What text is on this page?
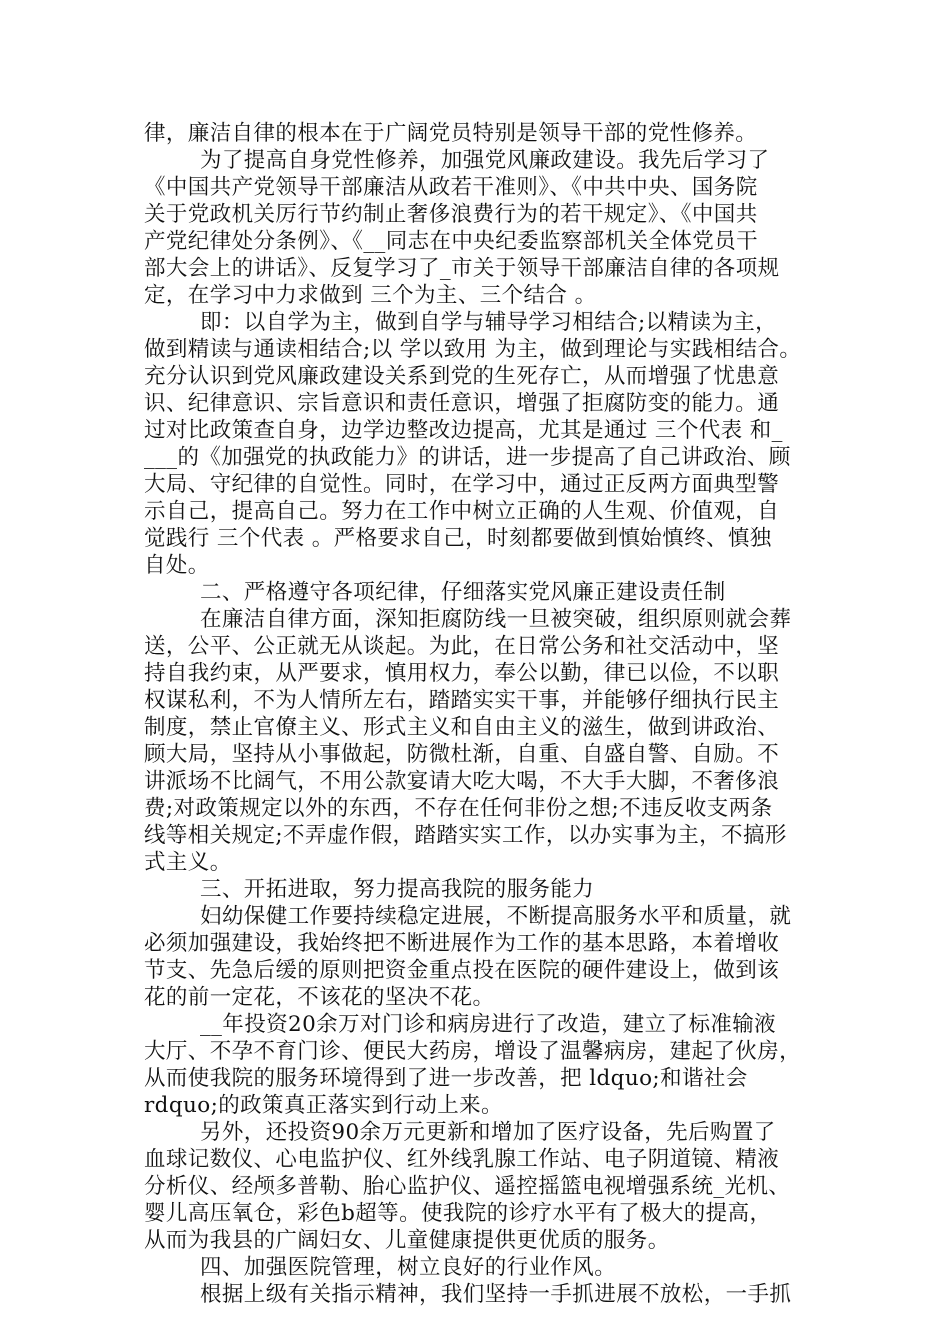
律，廉洁自律的根本在于广阔党员特别是领导干部的党性修养。
为了提高自身党性修养，加强党风廉政建设。我先后学习了
《中国共产党领导干部廉洁从政若干准则》、《中共中央、国务院
关于党政机关厉行节约制止奢侈浪费行为的若干规定》、《中国共
产党纪律处分条例》、《__同志在中央纪委监察部机关全体党员干
部大会上的讲话》、反复学习了_市关于领导干部廉洁自律的各项规
定，在学习中力求做到 三个为主、三个结合 。
即：以自学为主，做到自学与辅导学习相结合;以精读为主，
做到精读与通读相结合;以 学以致用 为主，做到理论与实践相结合。
充分认识到党风廉政建设关系到党的生死存亡，从而增强了忧患意
识、纪律意识、宗旨意识和责任意识，增强了拒腐防变的能力。通
过对比政策查自身，边学边整改边提高，尤其是通过 三个代表 和_
___的《加强党的执政能力》的讲话，进一步提高了自己讲政治、顾
大局、守纪律的自觉性。同时，在学习中，通过正反两方面典型警
示自己，提高自己。努力在工作中树立正确的人生观、价值观，自
觉践行 三个代表 。严格要求自己，时刻都要做到慎始慎终、慎独
自处。
二、严格遵守各项纪律，仔细落实党风廉正建设责任制
在廉洁自律方面，深知拒腐防线一旦被突破，组织原则就会葬
送，公平、公正就无从谈起。为此，在日常公务和社交活动中，坚
持自我约束，从严要求，慎用权力，奉公以勤，律已以俭，不以职
权谋私利，不为人情所左右，踏踏实实干事，并能够仔细执行民主
制度，禁止官僚主义、形式主义和自由主义的滋生，做到讲政治、
顾大局，坚持从小事做起，防微杜渐，自重、自盛自警、自励。不
讲派场不比阔气，不用公款宴请大吃大喝，不大手大脚，不奢侈浪
费;对政策规定以外的东西，不存在任何非份之想;不违反收支两条
线等相关规定;不弄虚作假，踏踏实实工作，以办实事为主，不搞形
式主义。
三、开拓进取，努力提高我院的服务能力
妇幼保健工作要持续稳定进展，不断提高服务水平和质量，就
必须加强建设，我始终把不断进展作为工作的基本思路，本着增收
节支、先急后缓的原则把资金重点投在医院的硬件建设上，做到该
花的前一定花，不该花的坚决不花。
__年投资20余万对门诊和病房进行了改造，建立了标准输液
大厅、不孕不育门诊、便民大药房，增设了温馨病房，建起了伙房，
从而使我院的服务环境得到了进一步改善，把 ldquo;和谐社会
rdquo;的政策真正落实到行动上来。
另外，还投资90余万元更新和增加了医疗设备，先后购置了
血球记数仪、心电监护仪、红外线乳腺工作站、电子阴道镜、精液
分析仪、经颅多普勒、胎心监护仪、遥控摇篮电视增强系统_光机、
婴儿高压氧仓，彩色b超等。使我院的诊疗水平有了极大的提高，
从而为我县的广阔妇女、儿童健康提供更优质的服务。
四、加强医院管理，树立良好的行业作风。
根据上级有关指示精神，我们坚持一手抓进展不放松，一手抓
